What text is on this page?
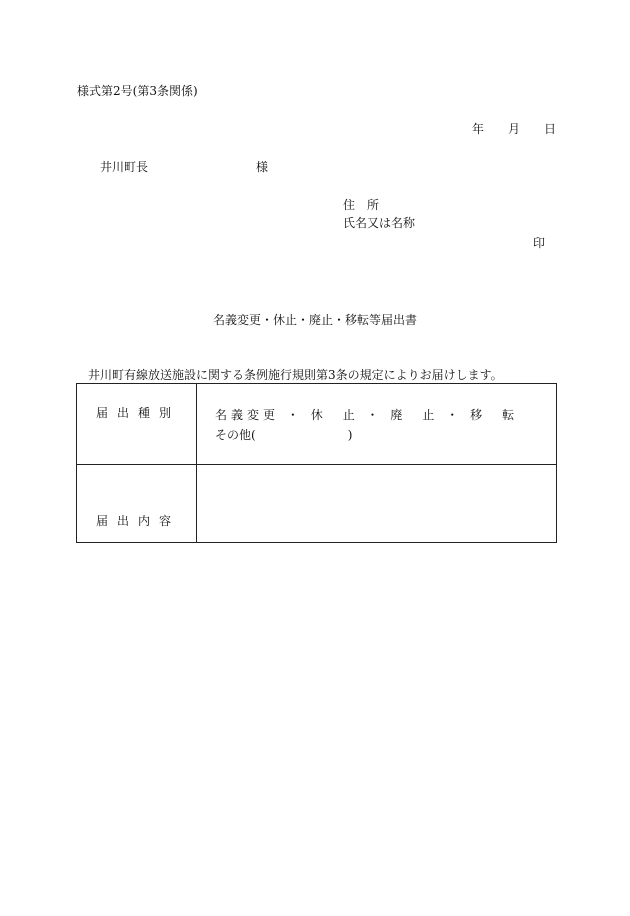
様式第2号(第3条関係)
年 月 日
井川町長	様
住所
氏名又は名称
印
名義変更・休止・廃止・移転等届出書
井川町有線放送施設に関する条例施行規則第3条の規定によりお届けします。
届出種別	名義変更 ・ 休 止 ・ 廃 止 ・ 移 転
その他(	)
届出内容
